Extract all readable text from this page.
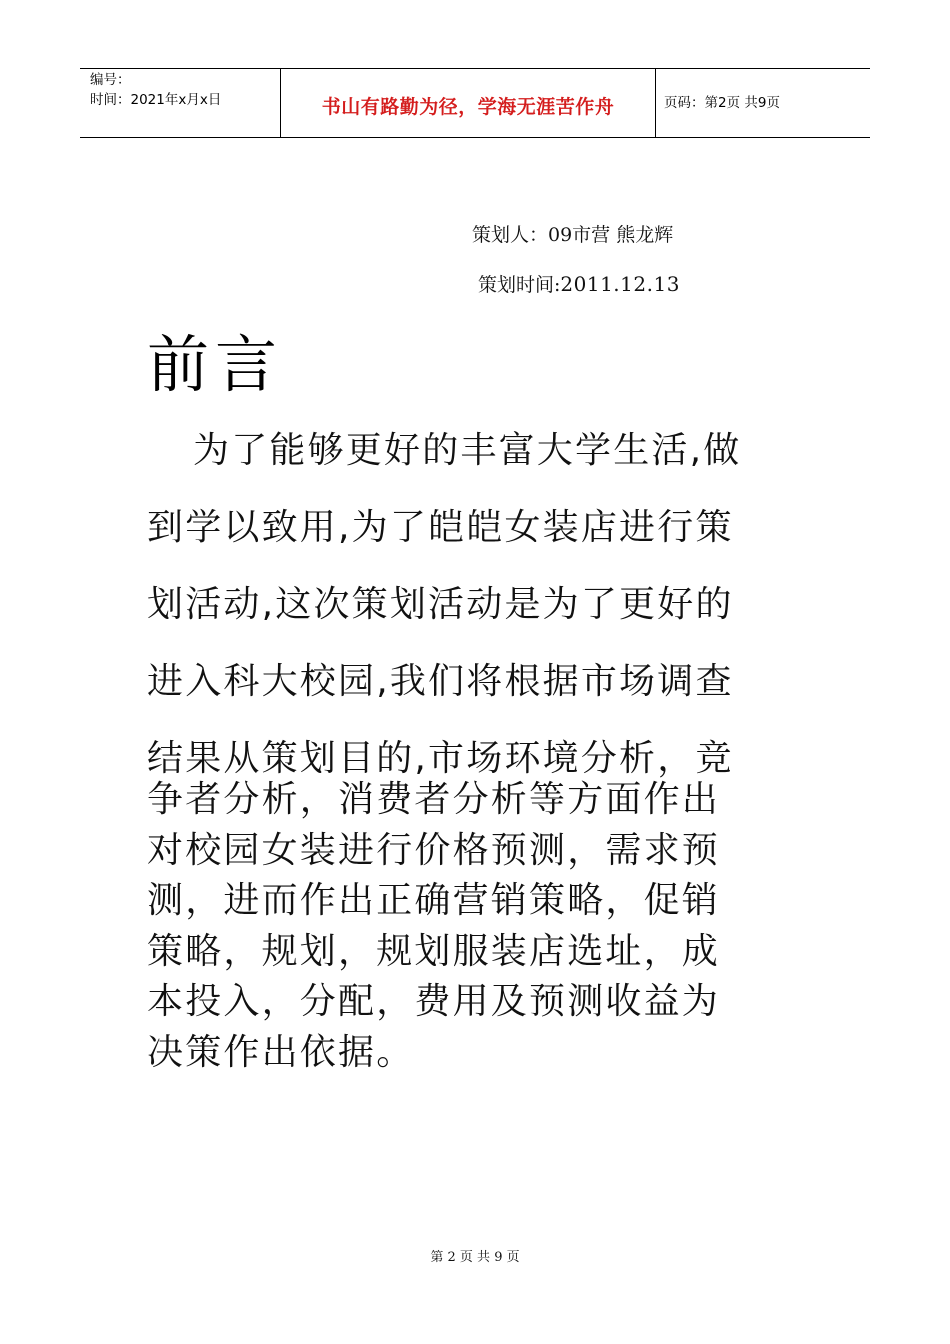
编号：
时间：2021年x月x日	书山有路勤为径，学海无涯苦作舟	页码：第2页 共9页
策划人：09市营 熊龙辉
策划时间:2011.12.13
前言
为了能够更好的丰富大学生活,做
到学以致用,为了皑皑女装店进行策
划活动,这次策划活动是为了更好的
进入科大校园,我们将根据市场调查
结果从策划目的,市场环境分析，竞
争者分析，消费者分析等方面作出
对校园女装进行价格预测，需求预
测，进而作出正确营销策略，促销
策略，规划，规划服装店选址，成
本投入，分配，费用及预测收益为
决策作出依据。
第 2 页 共 9 页
